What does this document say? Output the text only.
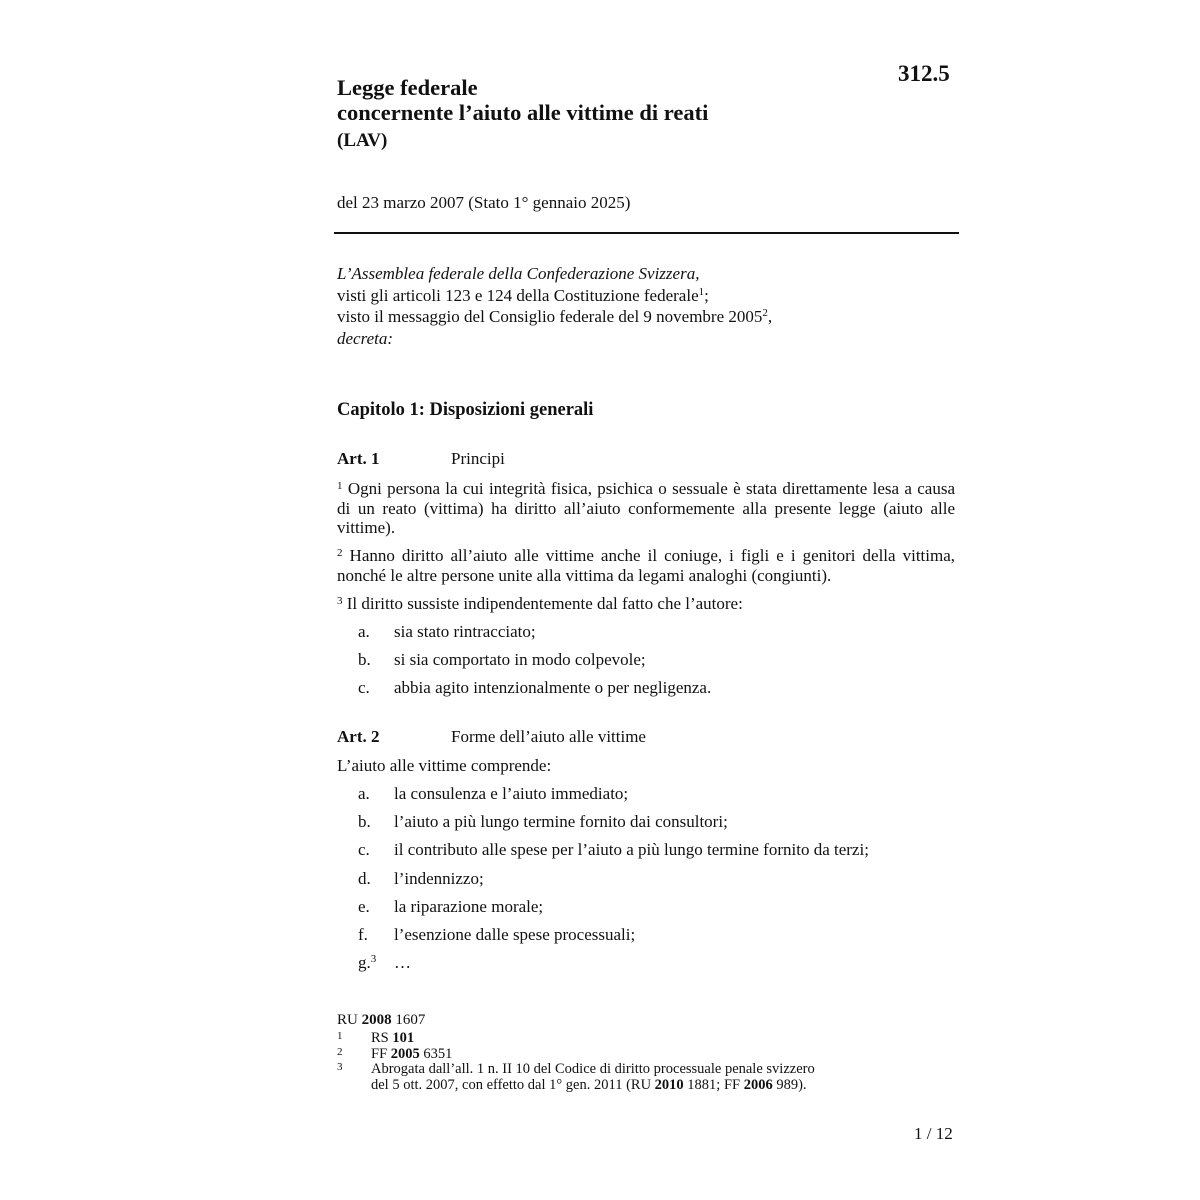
312.5
Legge federale
concernente l’aiuto alle vittime di reati
(LAV)
del 23 marzo 2007 (Stato 1° gennaio 2025)

L’Assemblea federale della Confederazione Svizzera,

visti gli articoli 123 e 124 della Costituzione federale$^1$;

visto il messaggio del Consiglio federale del 9 novembre 2005$^2$,

decreta:

Capitolo 1: Disposizioni generali
Art. 1	Principi
$^1$ Ogni persona la cui integrità fisica, psichica o sessuale è stata direttamente lesa a causa di un reato (vittima) ha diritto all’aiuto conformemente alla presente legge (aiuto alle vittime).
$^2$ Hanno diritto all’aiuto alle vittime anche il coniuge, i figli e i genitori della vittima, nonché le altre persone unite alla vittima da legami analoghi (congiunti).
$^3$ Il diritto sussiste indipendentemente dal fatto che l’autore:
a. sia stato rintracciato;
b. si sia comportato in modo colpevole;
c. abbia agito intenzionalmente o per negligenza.
Art. 2	Forme dell’aiuto alle vittime
L’aiuto alle vittime comprende:
a. la consulenza e l’aiuto immediato;
b. l’aiuto a più lungo termine fornito dai consultori;
c. il contributo alle spese per l’aiuto a più lungo termine fornito da terzi;
d. l’indennizzo;
e. la riparazione morale;
f. l’esenzione dalle spese processuali;
g.$^3$ …
RU 2008 1607

1 RS 101

2 FF 2005 6351

3 Abrogata dall’all. 1 n. II 10 del Codice di diritto processuale penale svizzero
del 5 ott. 2007, con effetto dal 1° gen. 2011 (RU 2010 1881; FF 2006 989).

1 / 12
